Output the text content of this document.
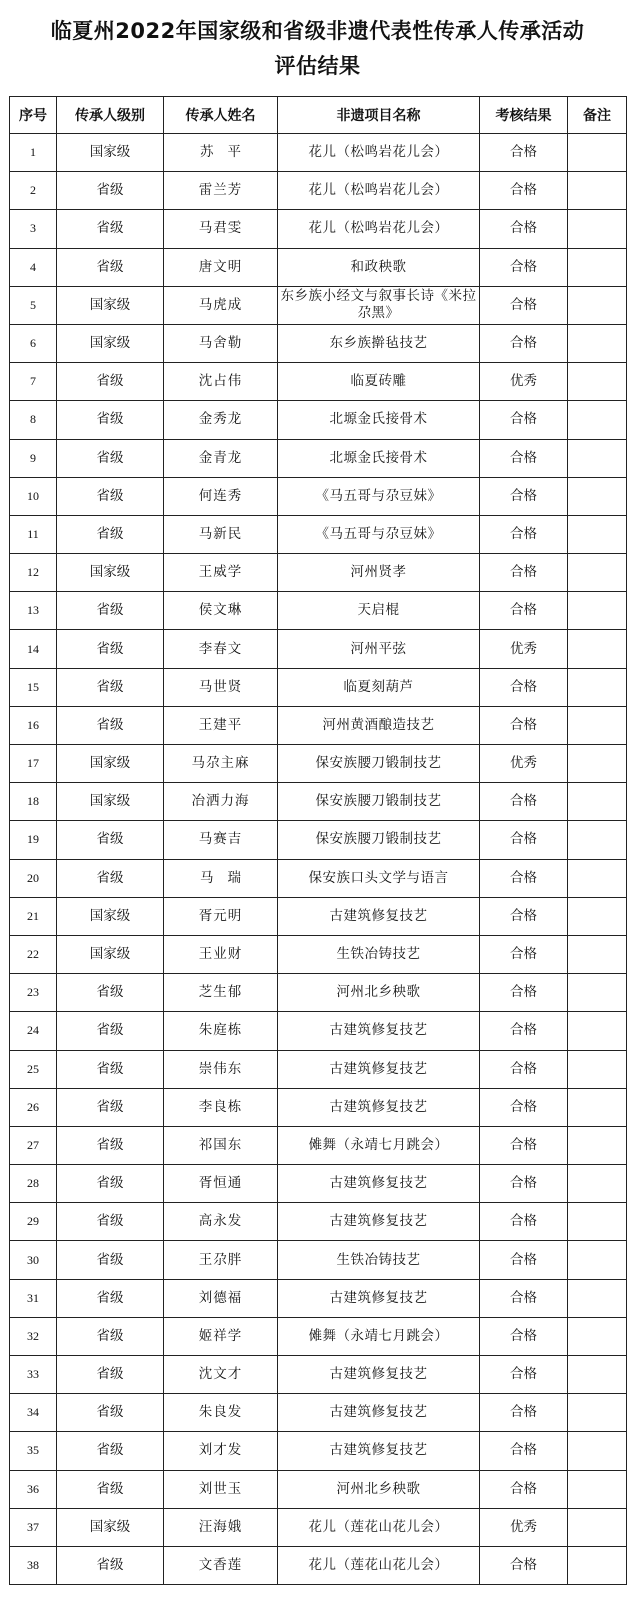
临夏州2022年国家级和省级非遗代表性传承人传承活动
评估结果
序号	传承人级别	传承人姓名	非遗项目名称	考核结果	备注
1	国家级	苏平	花儿（松鸣岩花儿会）	合格	
2	省级	雷兰芳	花儿（松鸣岩花儿会）	合格	
3	省级	马君雯	花儿（松鸣岩花儿会）	合格	
4	省级	唐文明	和政秧歌	合格	
5	国家级	马虎成	东乡族小经文与叙事长诗《米拉尕黑》	合格	
6	国家级	马舍勒	东乡族擀毡技艺	合格	
7	省级	沈占伟	临夏砖雕	优秀	
8	省级	金秀龙	北塬金氏接骨术	合格	
9	省级	金青龙	北塬金氏接骨术	合格	
10	省级	何连秀	《马五哥与尕豆妹》	合格	
11	省级	马新民	《马五哥与尕豆妹》	合格	
12	国家级	王威学	河州贤孝	合格	
13	省级	侯文琳	天启棍	合格	
14	省级	李春文	河州平弦	优秀	
15	省级	马世贤	临夏刻葫芦	合格	
16	省级	王建平	河州黄酒酿造技艺	合格	
17	国家级	马尕主麻	保安族腰刀锻制技艺	优秀	
18	国家级	冶洒力海	保安族腰刀锻制技艺	合格	
19	省级	马赛吉	保安族腰刀锻制技艺	合格	
20	省级	马瑞	保安族口头文学与语言	合格	
21	国家级	胥元明	古建筑修复技艺	合格	
22	国家级	王业财	生铁冶铸技艺	合格	
23	省级	芝生郁	河州北乡秧歌	合格	
24	省级	朱庭栋	古建筑修复技艺	合格	
25	省级	崇伟东	古建筑修复技艺	合格	
26	省级	李良栋	古建筑修复技艺	合格	
27	省级	祁国东	傩舞（永靖七月跳会）	合格	
28	省级	胥恒通	古建筑修复技艺	合格	
29	省级	高永发	古建筑修复技艺	合格	
30	省级	王尕胖	生铁冶铸技艺	合格	
31	省级	刘德福	古建筑修复技艺	合格	
32	省级	姬祥学	傩舞（永靖七月跳会）	合格	
33	省级	沈文才	古建筑修复技艺	合格	
34	省级	朱良发	古建筑修复技艺	合格	
35	省级	刘才发	古建筑修复技艺	合格	
36	省级	刘世玉	河州北乡秧歌	合格	
37	国家级	汪海娥	花儿（莲花山花儿会）	优秀	
38	省级	文香莲	花儿（莲花山花儿会）	合格	
